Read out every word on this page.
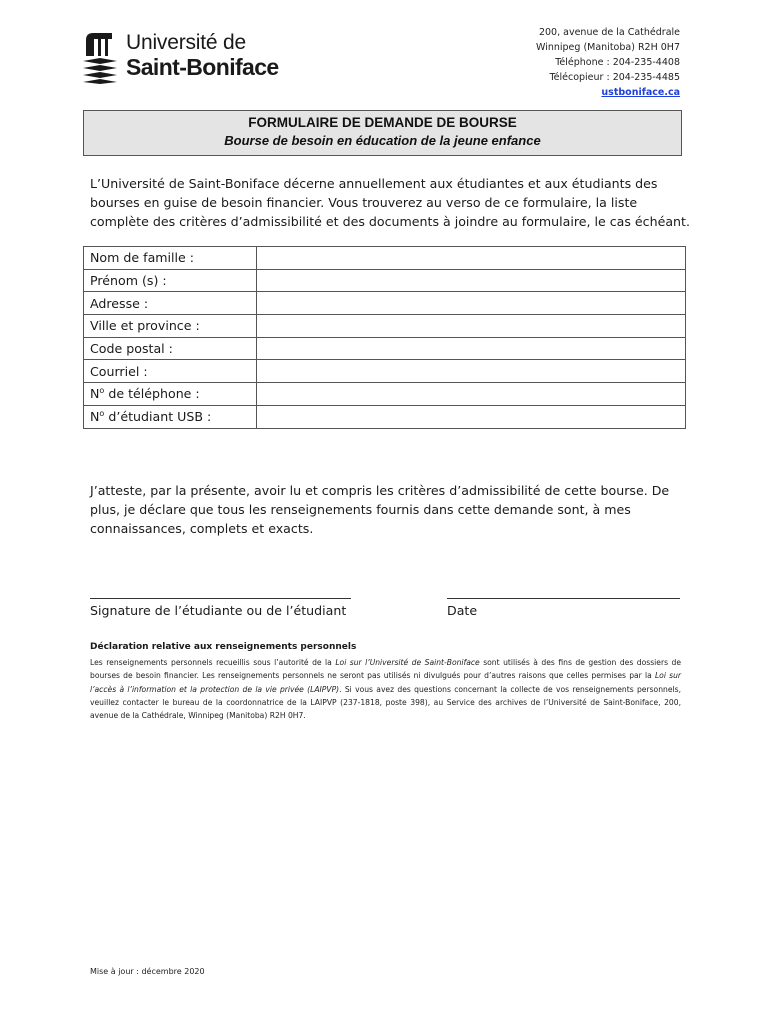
Université de
Saint-Boniface
200, avenue de la Cathédrale
Winnipeg (Manitoba) R2H 0H7
Téléphone : 204-235-4408
Télécopieur : 204-235-4485
ustboniface.ca
FORMULAIRE DE DEMANDE DE BOURSE
Bourse de besoin en éducation de la jeune enfance
L’Université de Saint-Boniface décerne annuellement aux étudiantes et aux étudiants des bourses en guise de besoin financier. Vous trouverez au verso de ce formulaire, la liste complète des critères d’admissibilité et des documents à joindre au formulaire, le cas échéant.
Nom de famille :	
Prénom (s) :	
Adresse :	
Ville et province :	
Code postal :	
Courriel :	
$N^o$ de téléphone :	
$N^o$ d’étudiant USB :	
J’atteste, par la présente, avoir lu et compris les critères d’admissibilité de cette bourse. De plus, je déclare que tous les renseignements fournis dans cette demande sont, à mes connaissances, complets et exacts.
Signature de l’étudiante ou de l’étudiant	Date
Déclaration relative aux renseignements personnels
Les renseignements personnels recueillis sous l’autorité de la Loi sur l’Université de Saint-Boniface sont utilisés à des fins de gestion des dossiers de bourses de besoin financier. Les renseignements personnels ne seront pas utilisés ni divulgués pour d’autres raisons que celles permises par la Loi sur l’accès à l’information et la protection de la vie privée (LAIPVP). Si vous avez des questions concernant la collecte de vos renseignements personnels, veuillez contacter le bureau de la coordonnatrice de la LAIPVP (237-1818, poste 398), au Service des archives de l’Université de Saint-Boniface, 200, avenue de la Cathédrale, Winnipeg (Manitoba) R2H 0H7.
Mise à jour : décembre 2020
